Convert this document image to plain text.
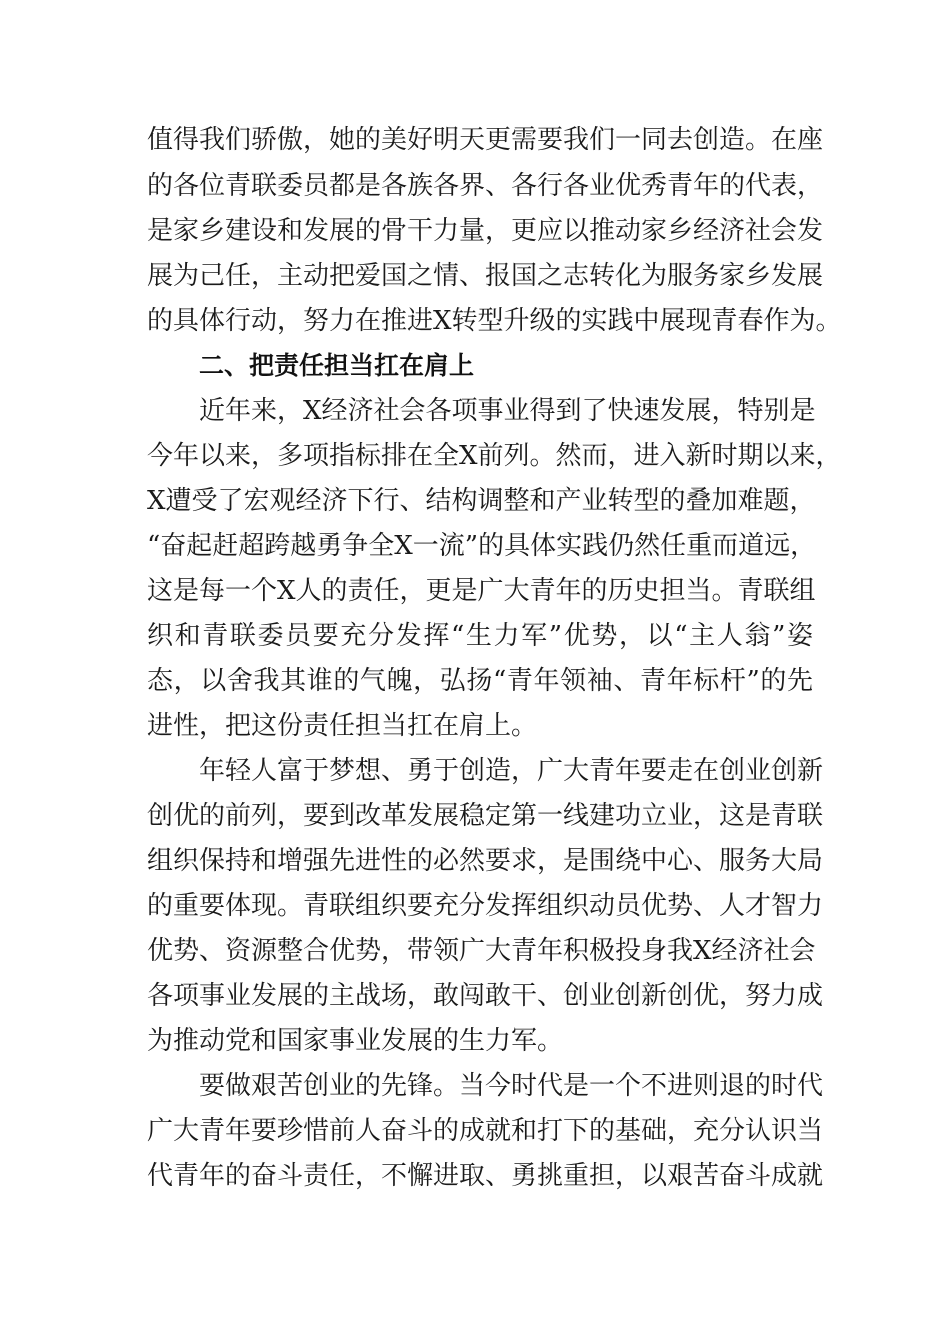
值得我们骄傲，她的美好明天更需要我们一同去创造。在座
的各位青联委员都是各族各界、各行各业优秀青年的代表，
是家乡建设和发展的骨干力量，更应以推动家乡经济社会发
展为己任，主动把爱国之情、报国之志转化为服务家乡发展
的具体行动，努力在推进X转型升级的实践中展现青春作为。
二、把责任担当扛在肩上
近年来，X经济社会各项事业得到了快速发展，特别是
今年以来，多项指标排在全X前列。然而，进入新时期以来，
X遭受了宏观经济下行、结构调整和产业转型的叠加难题，
“奋起赶超跨越勇争全X一流”的具体实践仍然任重而道远，
这是每一个X人的责任，更是广大青年的历史担当。青联组
织和青联委员要充分发挥“生力军”优势，以“主人翁”姿
态，以舍我其谁的气魄，弘扬“青年领袖、青年标杆”的先
进性，把这份责任担当扛在肩上。
年轻人富于梦想、勇于创造，广大青年要走在创业创新
创优的前列，要到改革发展稳定第一线建功立业，这是青联
组织保持和增强先进性的必然要求，是围绕中心、服务大局
的重要体现。青联组织要充分发挥组织动员优势、人才智力
优势、资源整合优势，带领广大青年积极投身我X经济社会
各项事业发展的主战场，敢闯敢干、创业创新创优，努力成
为推动党和国家事业发展的生力军。
要做艰苦创业的先锋。当今时代是一个不进则退的时代
广大青年要珍惜前人奋斗的成就和打下的基础，充分认识当
代青年的奋斗责任，不懈进取、勇挑重担，以艰苦奋斗成就
